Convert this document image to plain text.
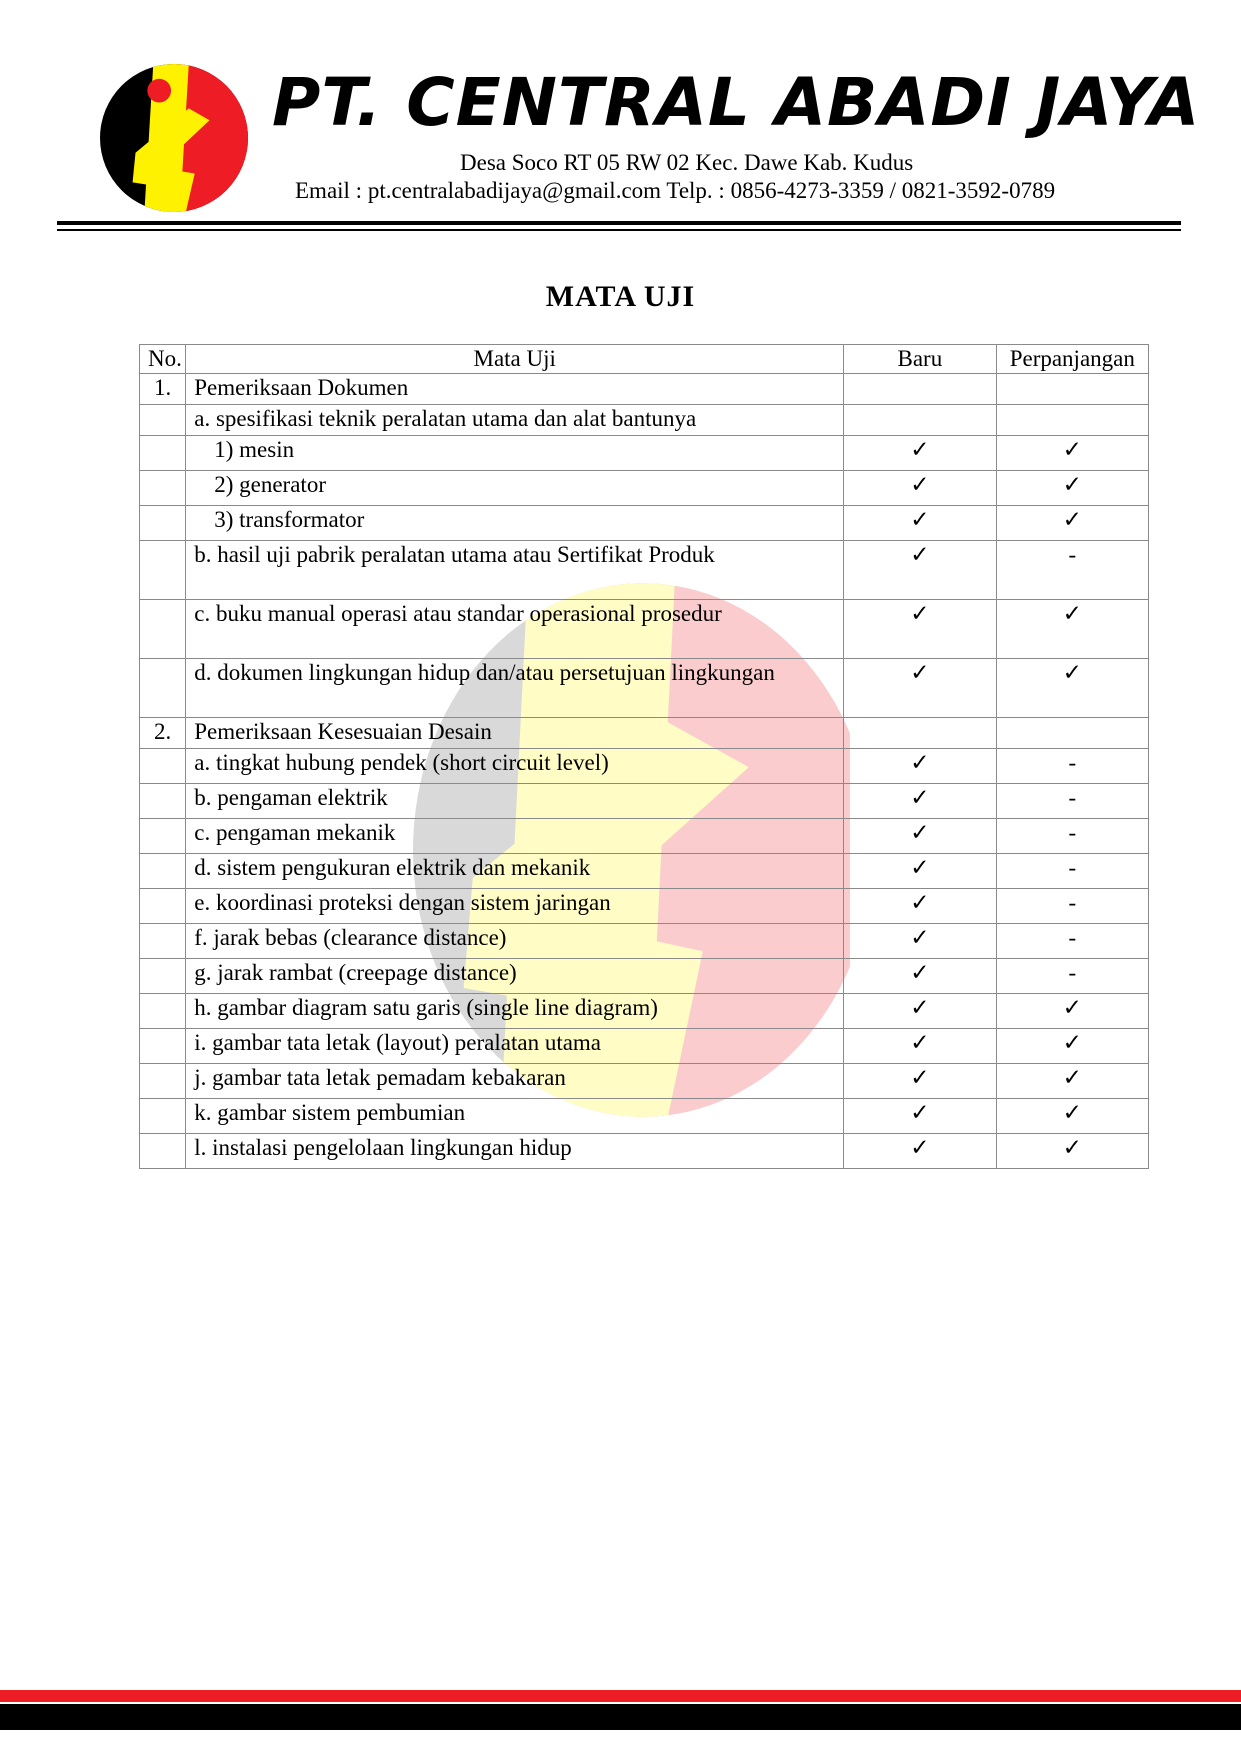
PT. CENTRAL ABADI JAYA
Desa Soco RT 05 RW 02 Kec. Dawe Kab. Kudus
Email : pt.centralabadijaya@gmail.com Telp. : 0856-4273-3359 / 0821-3592-0789
MATA UJI
No.	Mata Uji	Baru	Perpanjangan
1.	Pemeriksaan Dokumen		
	a. spesifikasi teknik peralatan utama dan alat bantunya		
	1) mesin	✓	✓
	2) generator	✓	✓
	3) transformator	✓	✓
	b. hasil uji pabrik peralatan utama atau Sertifikat Produk	✓	-
	c. buku manual operasi atau standar operasional prosedur	✓	✓
	d. dokumen lingkungan hidup dan/atau persetujuan lingkungan	✓	✓
2.	Pemeriksaan Kesesuaian Desain		
	a. tingkat hubung pendek (short circuit level)	✓	-
	b. pengaman elektrik	✓	-
	c. pengaman mekanik	✓	-
	d. sistem pengukuran elektrik dan mekanik	✓	-
	e. koordinasi proteksi dengan sistem jaringan	✓	-
	f. jarak bebas (clearance distance)	✓	-
	g. jarak rambat (creepage distance)	✓	-
	h. gambar diagram satu garis (single line diagram)	✓	✓
	i. gambar tata letak (layout) peralatan utama	✓	✓
	j. gambar tata letak pemadam kebakaran	✓	✓
	k. gambar sistem pembumian	✓	✓
	l. instalasi pengelolaan lingkungan hidup	✓	✓
